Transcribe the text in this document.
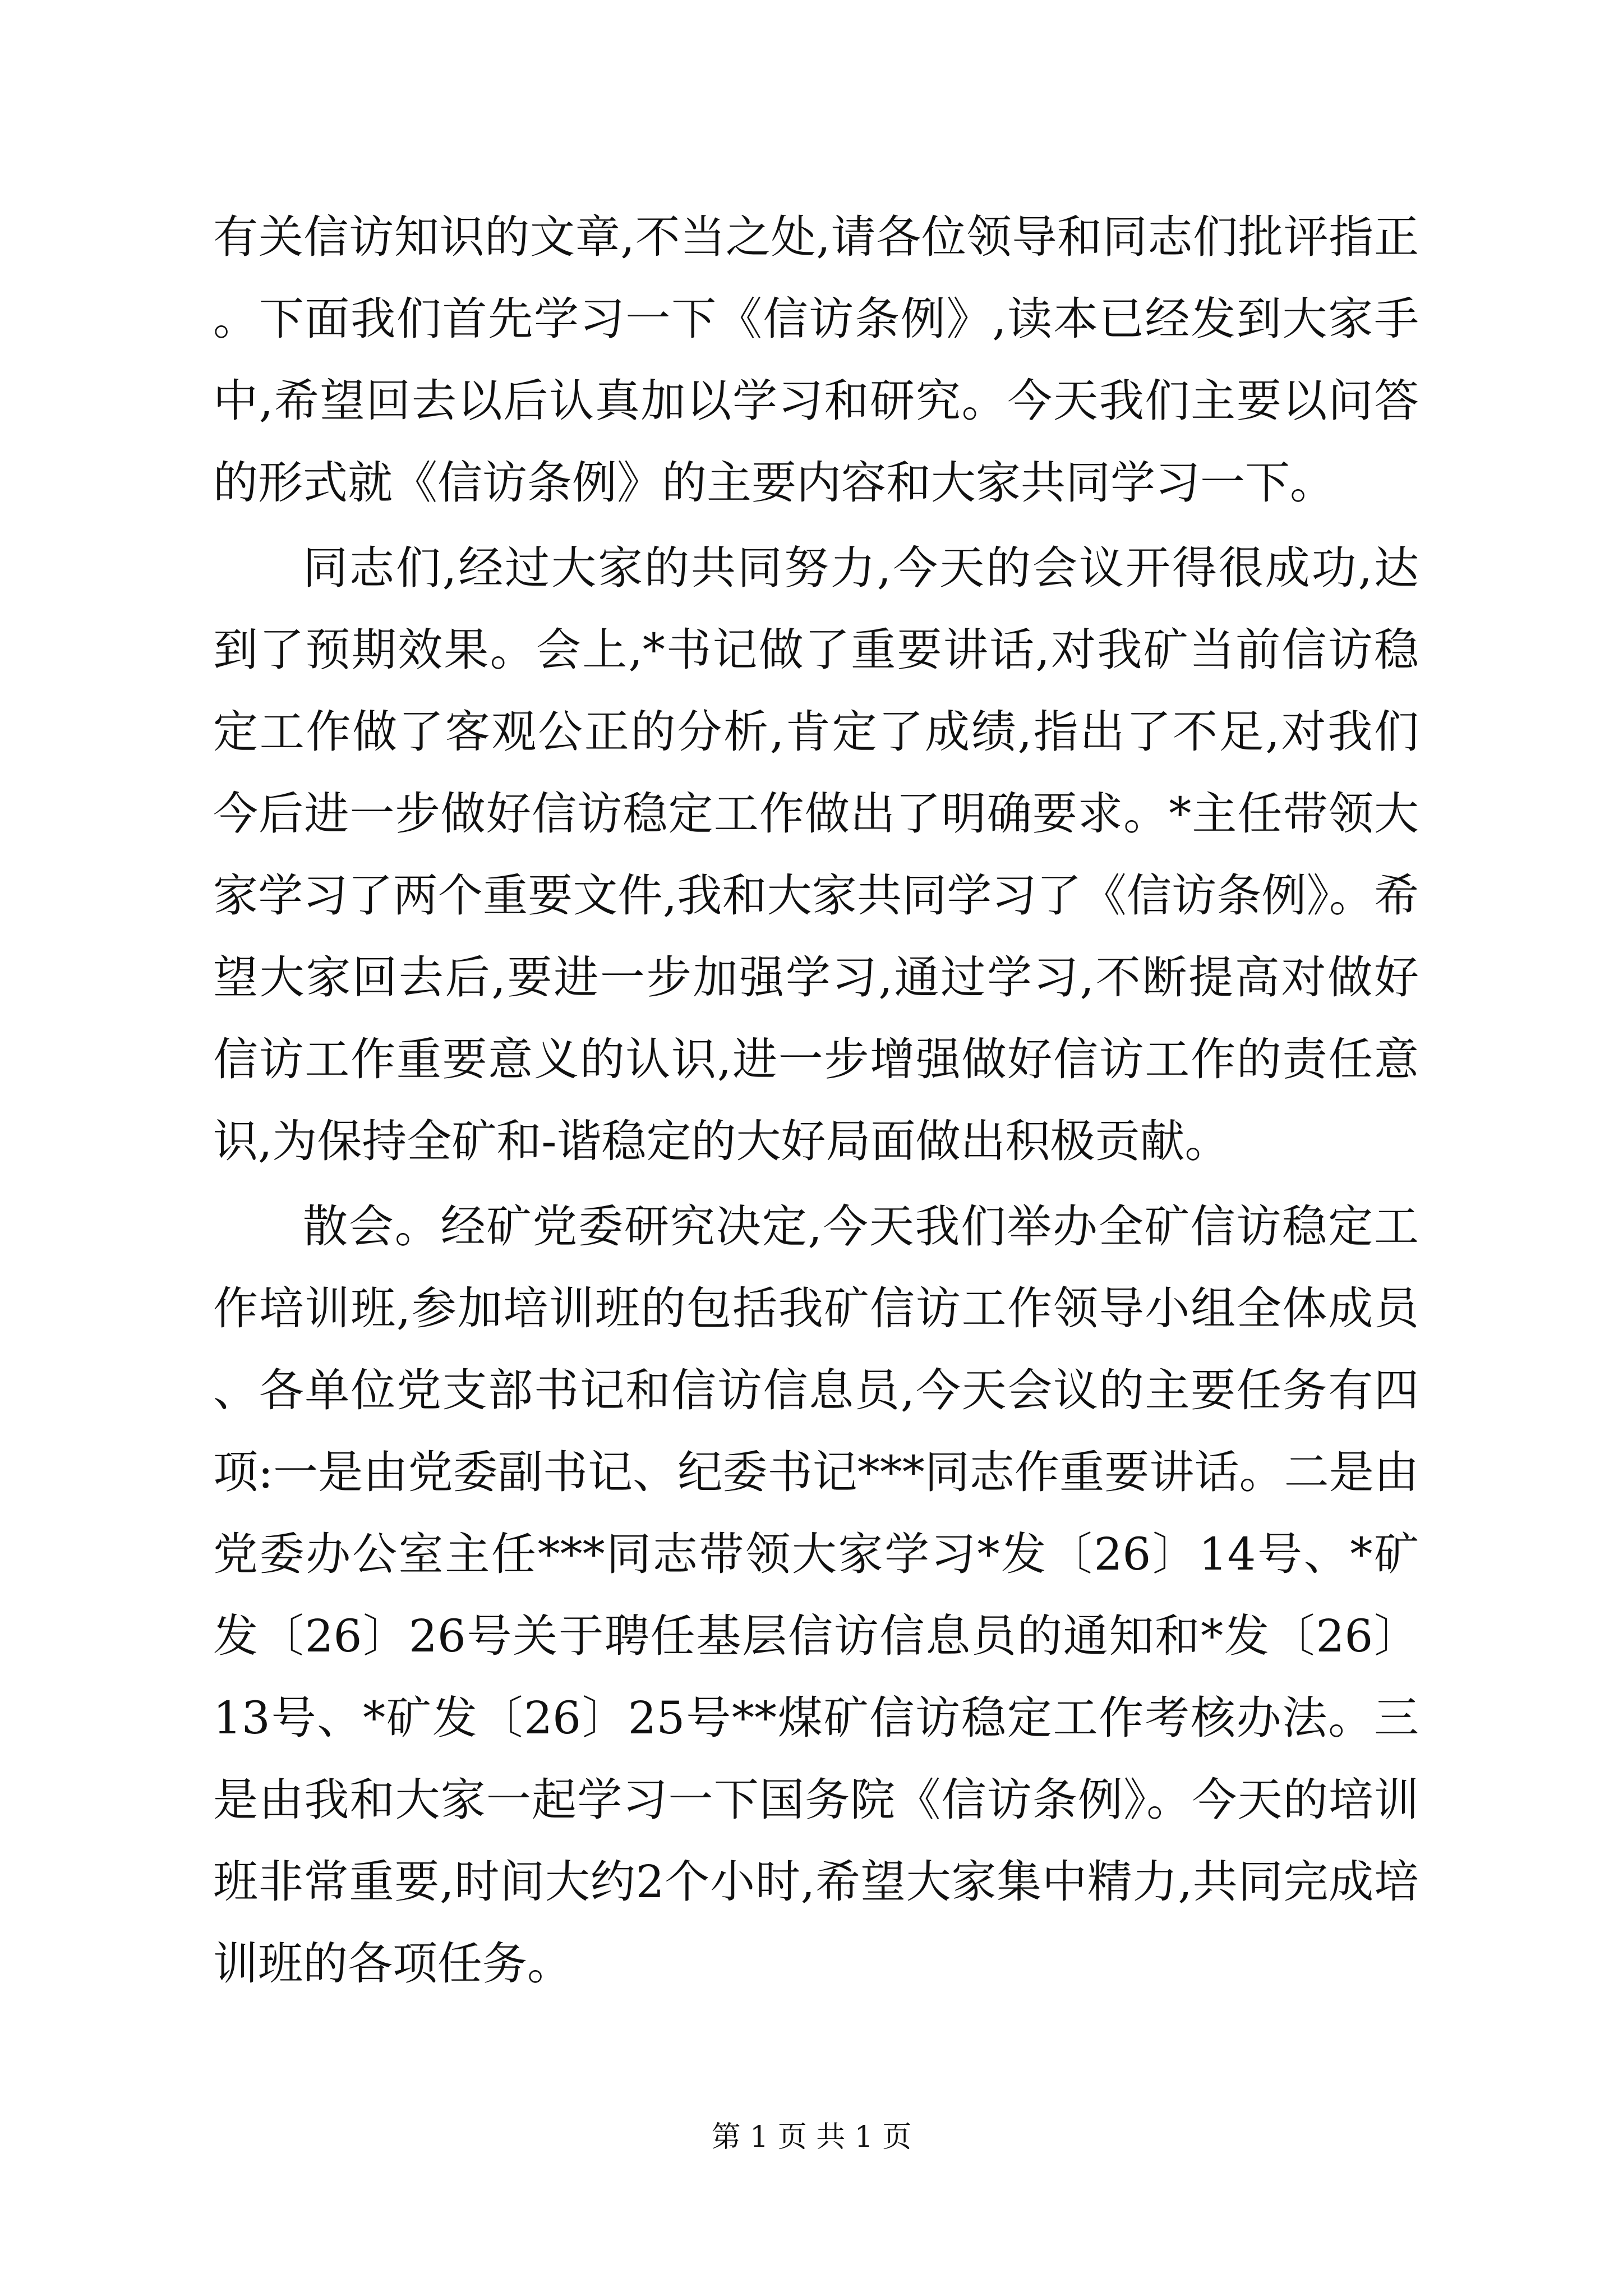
有关信访知识的文章,不当之处,请各位领导和同志们批评指正。下面我们首先学习一下《信访条例》,读本已经发到大家手中,希望回去以后认真加以学习和研究。今天我们主要以问答的形式就《信访条例》的主要内容和大家共同学习一下。

同志们,经过大家的共同努力,今天的会议开得很成功,达到了预期效果。会上,*书记做了重要讲话,对我矿当前信访稳定工作做了客观公正的分析,肯定了成绩,指出了不足,对我们今后进一步做好信访稳定工作做出了明确要求。*主任带领大家学习了两个重要文件,我和大家共同学习了《信访条例》。希望大家回去后,要进一步加强学习,通过学习,不断提高对做好信访工作重要意义的认识,进一步增强做好信访工作的责任意识,为保持全矿和-谐稳定的大好局面做出积极贡献。

散会。经矿党委研究决定,今天我们举办全矿信访稳定工作培训班,参加培训班的包括我矿信访工作领导小组全体成员、各单位党支部书记和信访信息员,今天会议的主要任务有四项:一是由党委副书记、纪委书记***同志作重要讲话。二是由党委办公室主任***同志带领大家学习*发〔26〕14号、*矿发〔26〕26号关于聘任基层信访信息员的通知和*发〔26〕13号、*矿发〔26〕25号**煤矿信访稳定工作考核办法。三是由我和大家一起学习一下国务院《信访条例》。今天的培训班非常重要,时间大约2个小时,希望大家集中精力,共同完成培训班的各项任务。

第 1 页 共 1 页
